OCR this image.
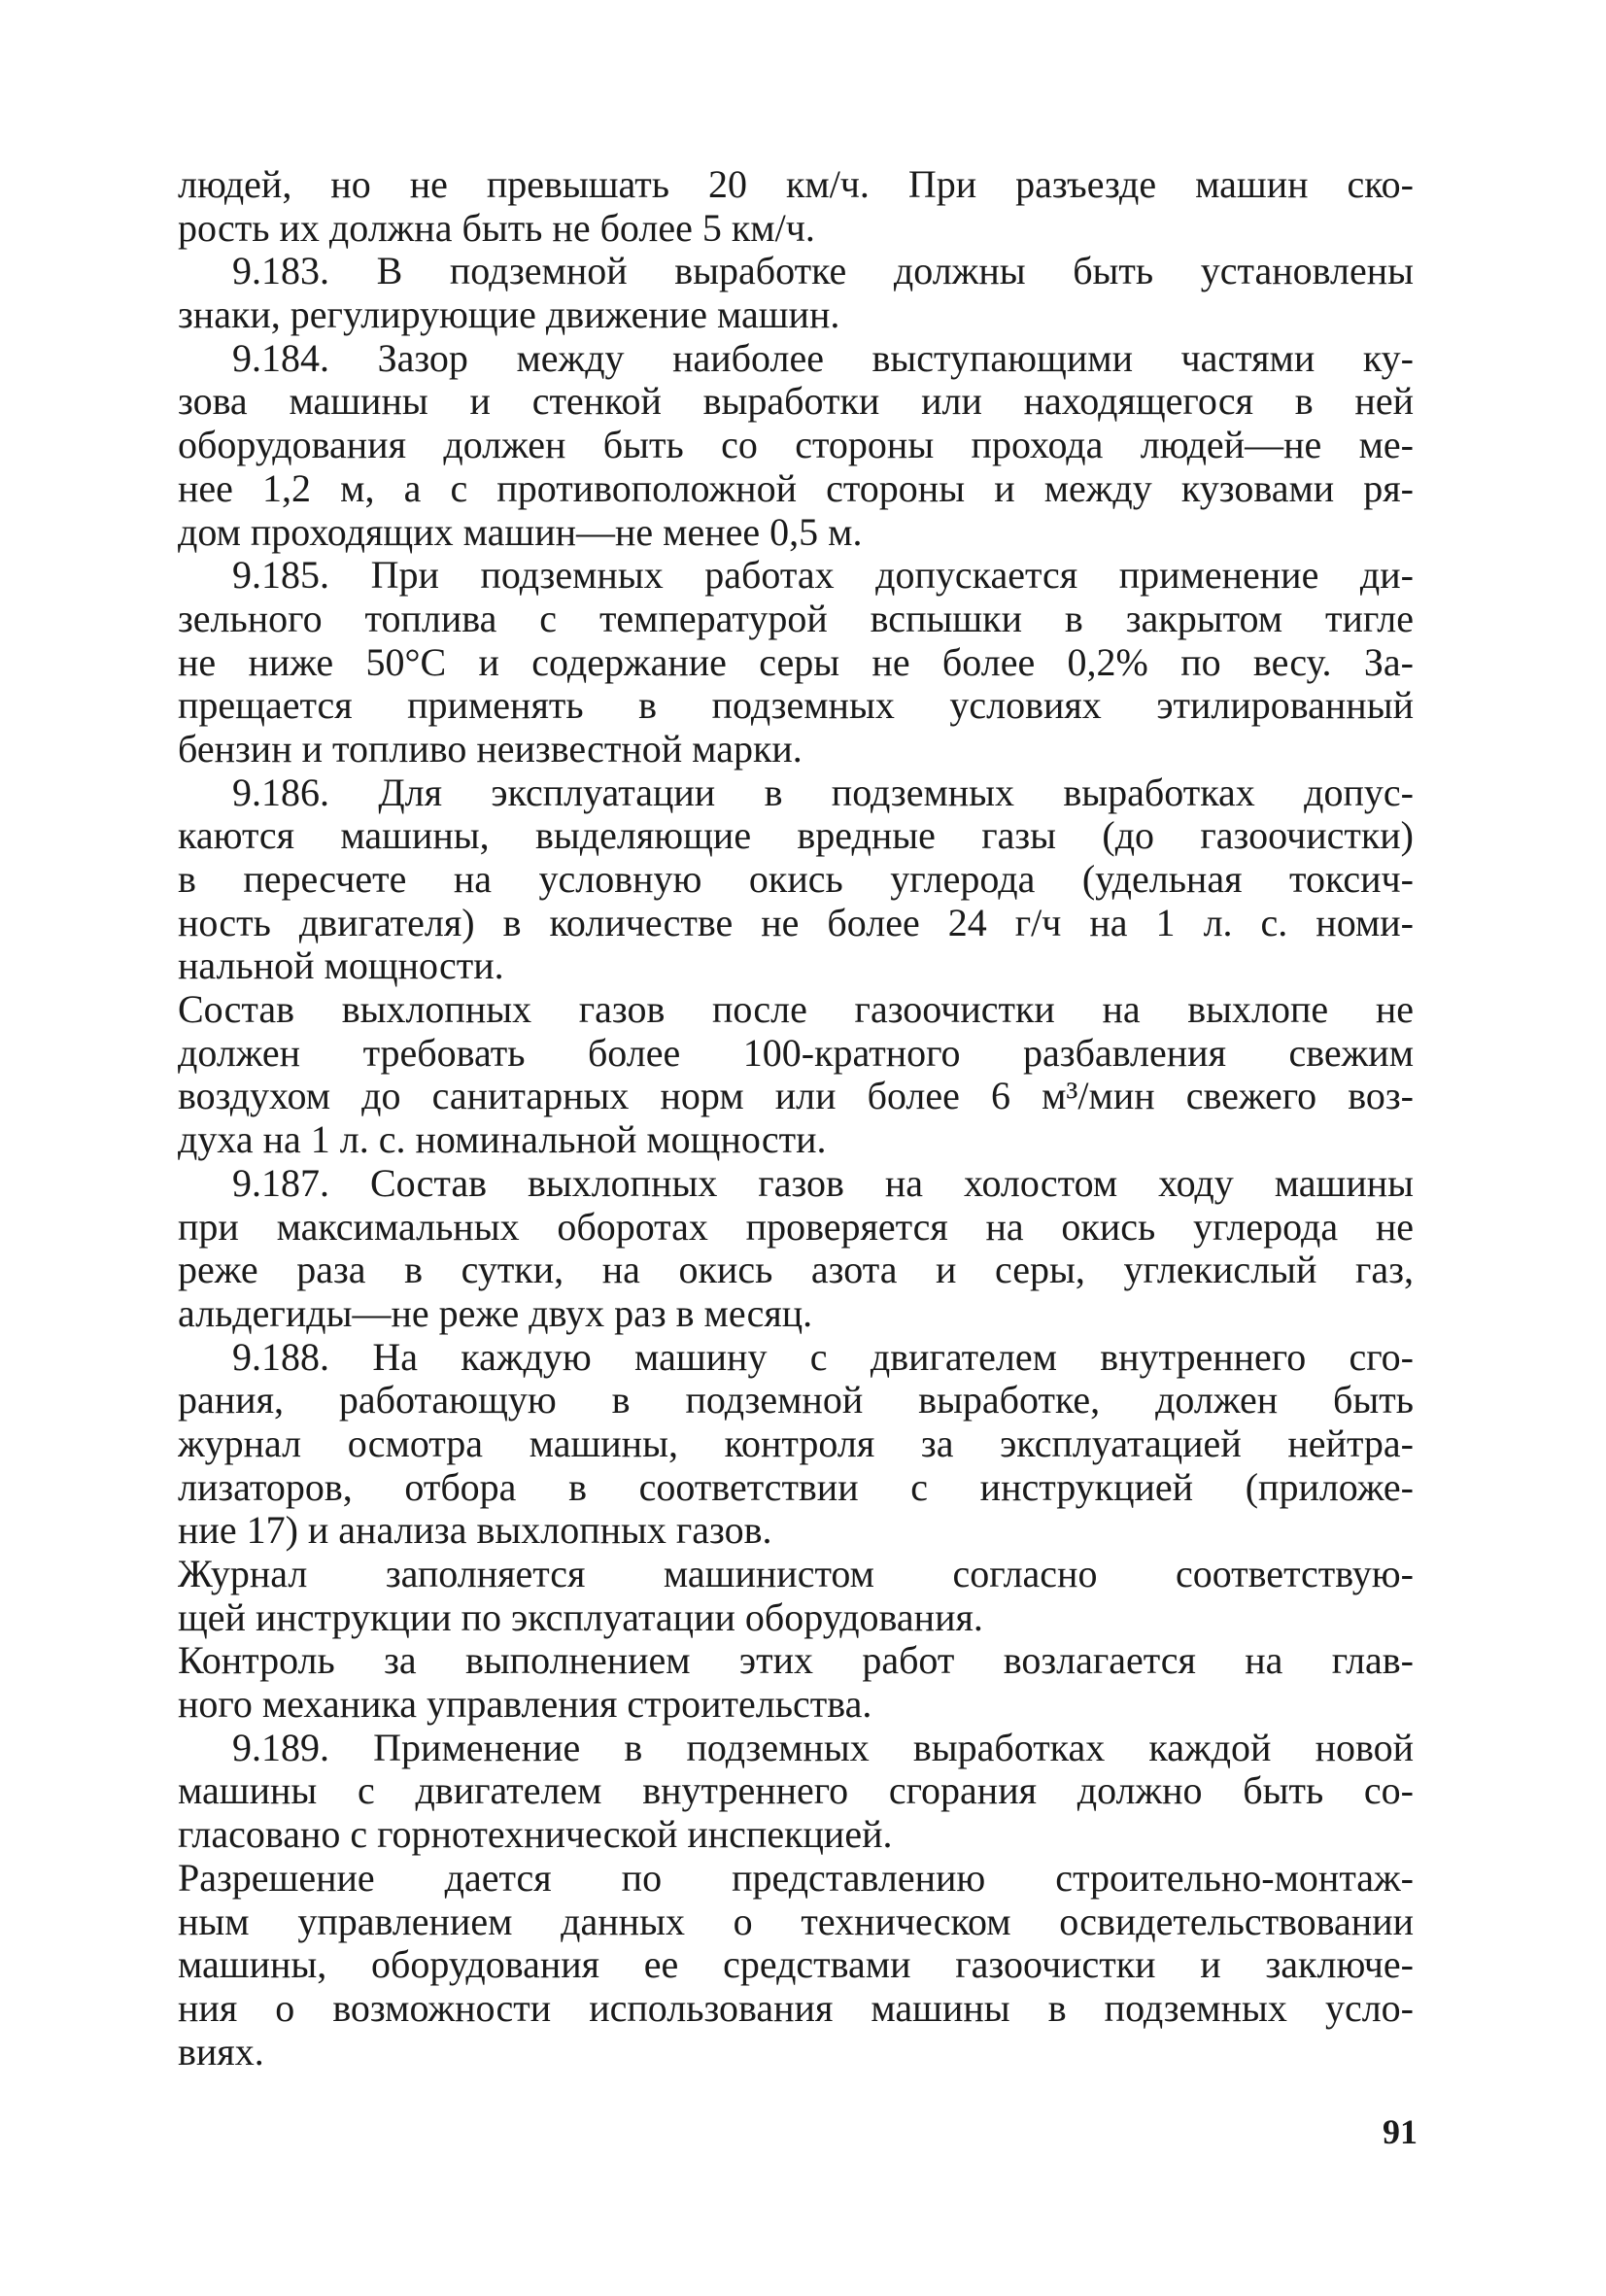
людей, но не превышать 20 км/ч. При разъезде машин ско-
рость их должна быть не более 5 км/ч.
9.183. В подземной выработке должны быть установлены
знаки, регулирующие движение машин.
9.184. Зазор между наиболее выступающими частями ку-
зова машины и стенкой выработки или находящегося в ней
оборудования должен быть со стороны прохода людей—не ме-
нее 1,2 м, а с противоположной стороны и между кузовами ря-
дом проходящих машин—не менее 0,5 м.
9.185. При подземных работах допускается применение ди-
зельного топлива с температурой вспышки в закрытом тигле
не ниже 50°С и содержание серы не более 0,2% по весу. За-
прещается применять в подземных условиях этилированный
бензин и топливо неизвестной марки.
9.186. Для эксплуатации в подземных выработках допус-
каются машины, выделяющие вредные газы (до газоочистки)
в пересчете на условную окись углерода (удельная токсич-
ность двигателя) в количестве не более 24 г/ч на 1 л. с. номи-
нальной мощности.
Состав выхлопных газов после газоочистки на выхлопе не
должен требовать более 100-кратного разбавления свежим
воздухом до санитарных норм или более 6 м³/мин свежего воз-
духа на 1 л. с. номинальной мощности.
9.187. Состав выхлопных газов на холостом ходу машины
при максимальных оборотах проверяется на окись углерода не
реже раза в сутки, на окись азота и серы, углекислый газ,
альдегиды—не реже двух раз в месяц.
9.188. На каждую машину с двигателем внутреннего сго-
рания, работающую в подземной выработке, должен быть
журнал осмотра машины, контроля за эксплуатацией нейтра-
лизаторов, отбора в соответствии с инструкцией (приложе-
ние 17) и анализа выхлопных газов.
Журнал заполняется машинистом согласно соответствую-
щей инструкции по эксплуатации оборудования.
Контроль за выполнением этих работ возлагается на глав-
ного механика управления строительства.
9.189. Применение в подземных выработках каждой новой
машины с двигателем внутреннего сгорания должно быть со-
гласовано с горнотехнической инспекцией.
Разрешение дается по представлению строительно-монтаж-
ным управлением данных о техническом освидетельствовании
машины, оборудования ее средствами газоочистки и заключе-
ния о возможности использования машины в подземных усло-
виях.
91
